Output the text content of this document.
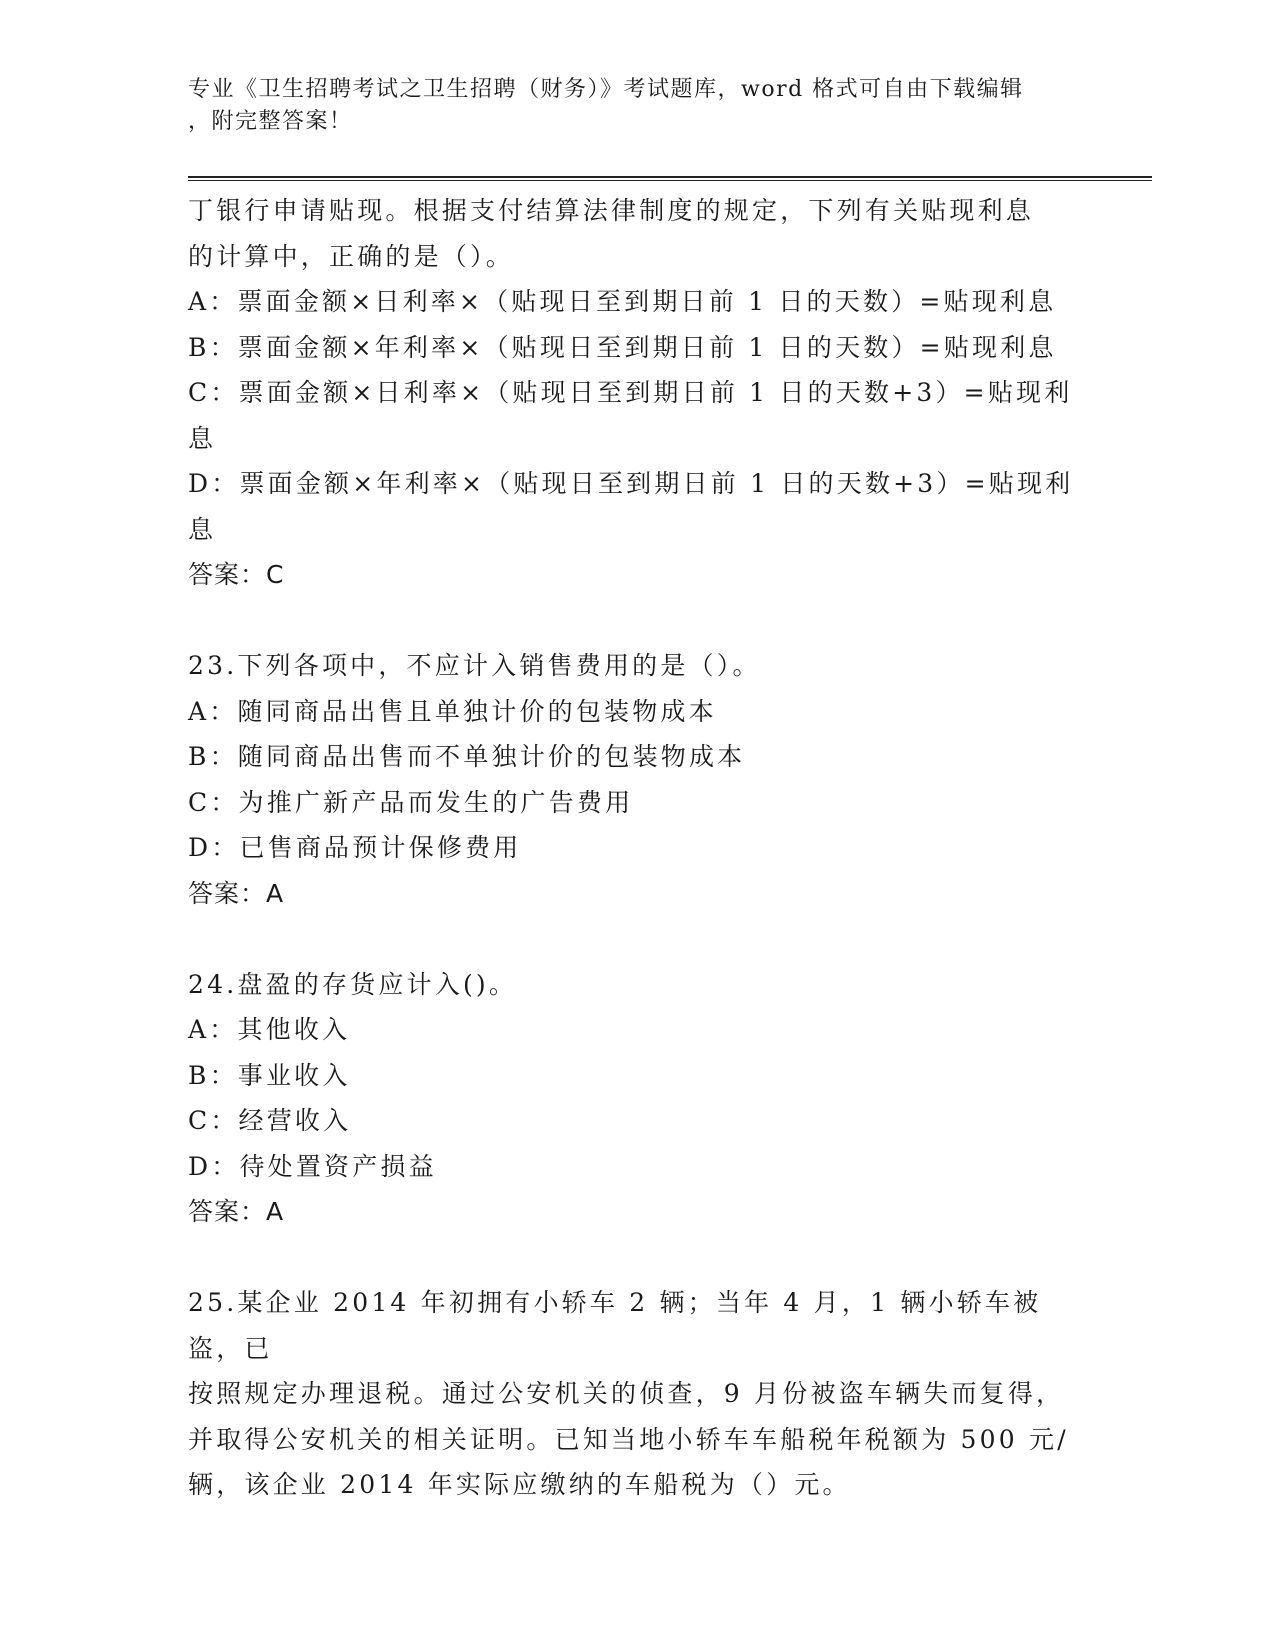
专业《卫生招聘考试之卫生招聘（财务）》考试题库，word 格式可自由下载编辑
，附完整答案！
丁银行申请贴现。根据支付结算法律制度的规定，下列有关贴现利息
的计算中，正确的是（）。
A：票面金额×日利率×（贴现日至到期日前 1 日的天数）=贴现利息
B：票面金额×年利率×（贴现日至到期日前 1 日的天数）=贴现利息
C：票面金额×日利率×（贴现日至到期日前 1 日的天数+3）=贴现利
息
D：票面金额×年利率×（贴现日至到期日前 1 日的天数+3）=贴现利
息
答案：C
23.下列各项中，不应计入销售费用的是（）。
A：随同商品出售且单独计价的包装物成本
B：随同商品出售而不单独计价的包装物成本
C：为推广新产品而发生的广告费用
D：已售商品预计保修费用
答案：A
24.盘盈的存货应计入()。
A：其他收入
B：事业收入
C：经营收入
D：待处置资产损益
答案：A
25.某企业 2014 年初拥有小轿车 2 辆；当年 4 月，1 辆小轿车被盗，已
按照规定办理退税。通过公安机关的侦查，9 月份被盗车辆失而复得，
并取得公安机关的相关证明。已知当地小轿车车船税年税额为 500 元/
辆，该企业 2014 年实际应缴纳的车船税为（）元。
